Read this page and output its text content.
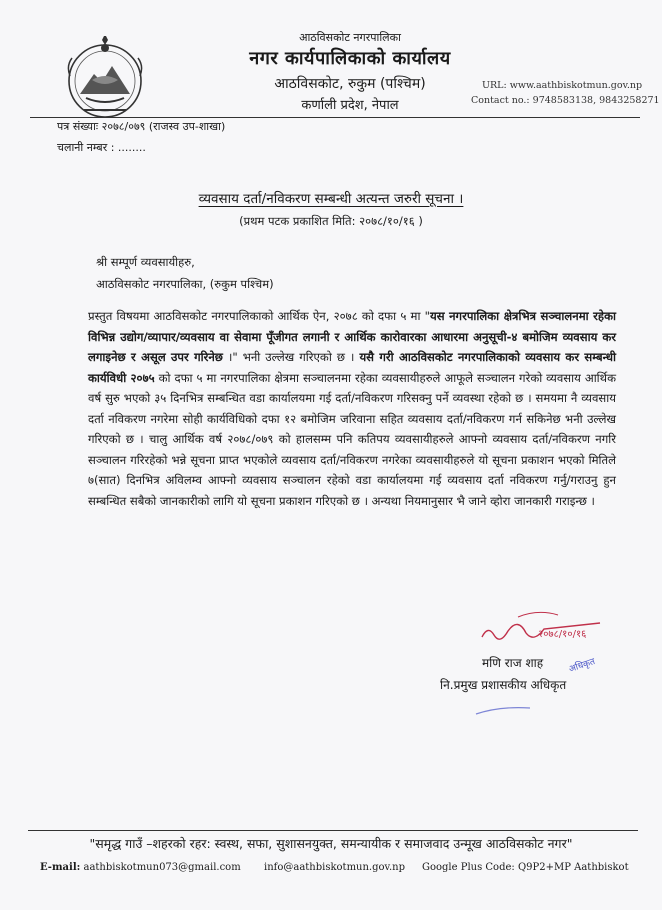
आठविसकोट नगरपालिका
नगर कार्यपालिकाको कार्यालय
आठविसकोट, रुकुम (पश्चिम)
कर्णाली प्रदेश, नेपाल
URL: www.aathbiskotmun.gov.np
Contact no.: 9748583138, 9843258271
पत्र संख्याः २०७८/०७९ (राजस्व उप-शाखा)
चलानी नम्बर : ........
व्यवसाय दर्ता/नविकरण सम्बन्धी अत्यन्त जरुरी सूचना ।
(प्रथम पटक प्रकाशित मिति: २०७८/१०/१६ )
श्री सम्पूर्ण व्यवसायीहरु,
आठविसकोट नगरपालिका, (रुकुम पश्चिम)
प्रस्तुत विषयमा आठविसकोट नगरपालिकाको आर्थिक ऐन, २०७८ को दफा ५ मा "यस नगरपालिका क्षेत्रभित्र सञ्चालनमा रहेका विभिन्न उद्योग/व्यापार/व्यवसाय वा सेवामा पूँजीगत लगानी र आर्थिक कारोवारका आधारमा अनुसूची-४ बमोजिम व्यवसाय कर लगाइनेछ र असूल उपर गरिनेछ ।" भनी उल्लेख गरिएको छ । यसै गरी आठविसकोट नगरपालिकाको व्यवसाय कर सम्बन्धी कार्यविधी २०७५ को दफा ५ मा नगरपालिका क्षेत्रमा सञ्चालनमा रहेका व्यवसायीहरुले आफूले सञ्चालन गरेको व्यवसाय आर्थिक वर्ष सुरु भएको ३५ दिनभित्र सम्बन्धित वडा कार्यालयमा गई दर्ता/नविकरण गरिसक्नु पर्ने व्यवस्था रहेको छ । समयमा नै व्यवसाय दर्ता नविकरण नगरेमा सोही कार्यविधिको दफा १२ बमोजिम जरिवाना सहित व्यवसाय दर्ता/नविकरण गर्न सकिनेछ भनी उल्लेख गरिएको छ । चालु आर्थिक वर्ष २०७८/०७९ को हालसम्म पनि कतिपय व्यवसायीहरुले आफ्नो व्यवसाय दर्ता/नविकरण नगरि सञ्चालन गरिरहेको भन्ने सूचना प्राप्त भएकोले व्यवसाय दर्ता/नविकरण नगरेका व्यवसायीहरुले यो सूचना प्रकाशन भएको मितिले ७(सात) दिनभित्र अविलम्व आफ्नो व्यवसाय सञ्चालन रहेको वडा कार्यालयमा गई व्यवसाय दर्ता नविकरण गर्नु/गराउनु हुन सम्बन्धित सबैको जानकारीको लागि यो सूचना प्रकाशन गरिएको छ । अन्यथा नियमानुसार भै जाने व्होरा जानकारी गराइन्छ ।
२०७८/१०/१६
अधिकृत
मणि राज शाह
नि.प्रमुख प्रशासकीय अधिकृत
"समृद्ध गाउँ –शहरको रहर: स्वस्थ, सफा, सुशासनयुक्त, समन्यायीक र समाजवाद उन्मूख आठविसकोट नगर"
E-mail: aathbiskotmun073@gmail.com info@aathbiskotmun.gov.np Google Plus Code: Q9P2+MP Aathbiskot
